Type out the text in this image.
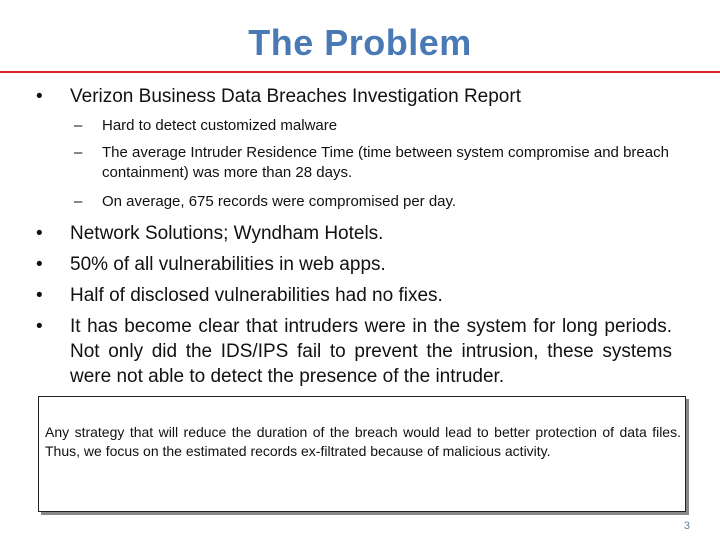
The Problem
•	Verizon Business Data Breaches Investigation Report
–	Hard to detect customized malware
–	The average Intruder Residence Time (time between system compromise and breach containment) was more than 28 days.
–	On average, 675 records were compromised per day.
•	Network Solutions; Wyndham Hotels.
•	50% of all vulnerabilities in web apps.
•	Half of disclosed vulnerabilities had no fixes.
•	It has become clear that intruders were in the system for long periods. Not only did the IDS/IPS fail to prevent the intrusion, these systems were not able to detect the presence of the intruder.
Any strategy that will reduce the duration of the breach would lead to better protection of data files. Thus, we focus on the estimated records ex-filtrated because of malicious activity.
3
